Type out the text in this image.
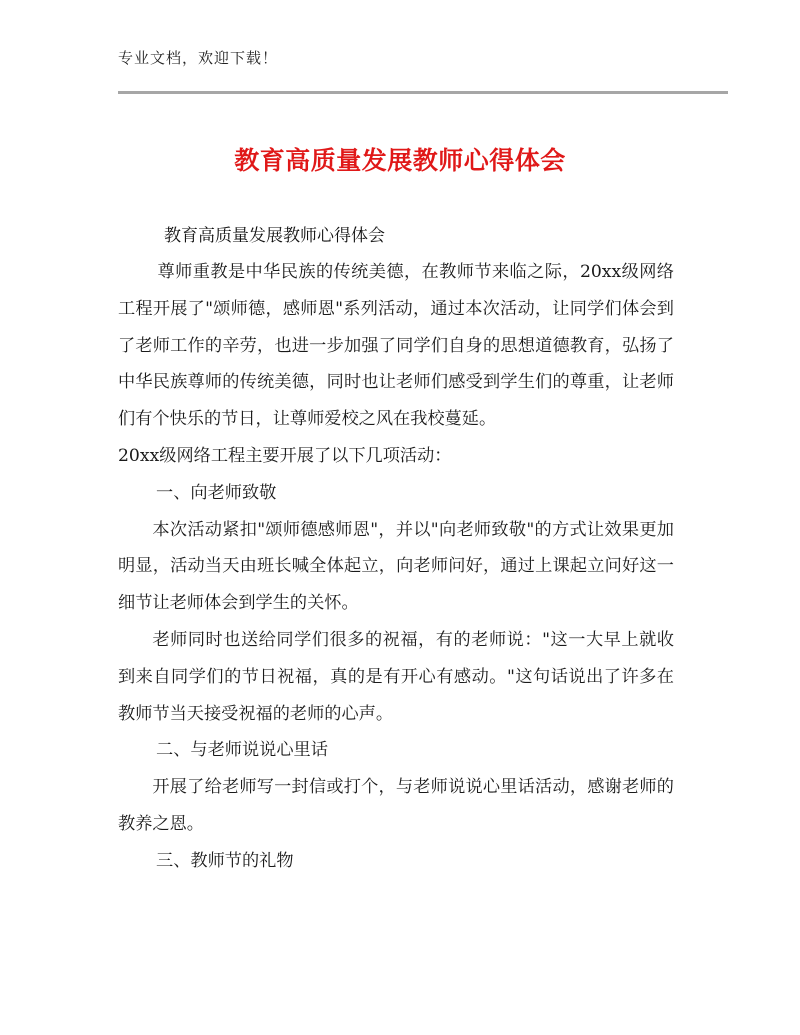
专业文档，欢迎下载！
教育高质量发展教师心得体会
教育高质量发展教师心得体会

尊师重教是中华民族的传统美德，在教师节来临之际，20xx级网络工程开展了"颂师德，感师恩"系列活动，通过本次活动，让同学们体会到了老师工作的辛劳，也进一步加强了同学们自身的思想道德教育，弘扬了中华民族尊师的传统美德，同时也让老师们感受到学生们的尊重，让老师们有个快乐的节日，让尊师爱校之风在我校蔓延。

20xx级网络工程主要开展了以下几项活动：

一、向老师致敬

本次活动紧扣"颂师德感师恩"，并以"向老师致敬"的方式让效果更加明显，活动当天由班长喊全体起立，向老师问好，通过上课起立问好这一细节让老师体会到学生的关怀。

老师同时也送给同学们很多的祝福，有的老师说："这一大早上就收到来自同学们的节日祝福，真的是有开心有感动。"这句话说出了许多在教师节当天接受祝福的老师的心声。

二、与老师说说心里话

开展了给老师写一封信或打个，与老师说说心里话活动，感谢老师的教养之恩。

三、教师节的礼物
